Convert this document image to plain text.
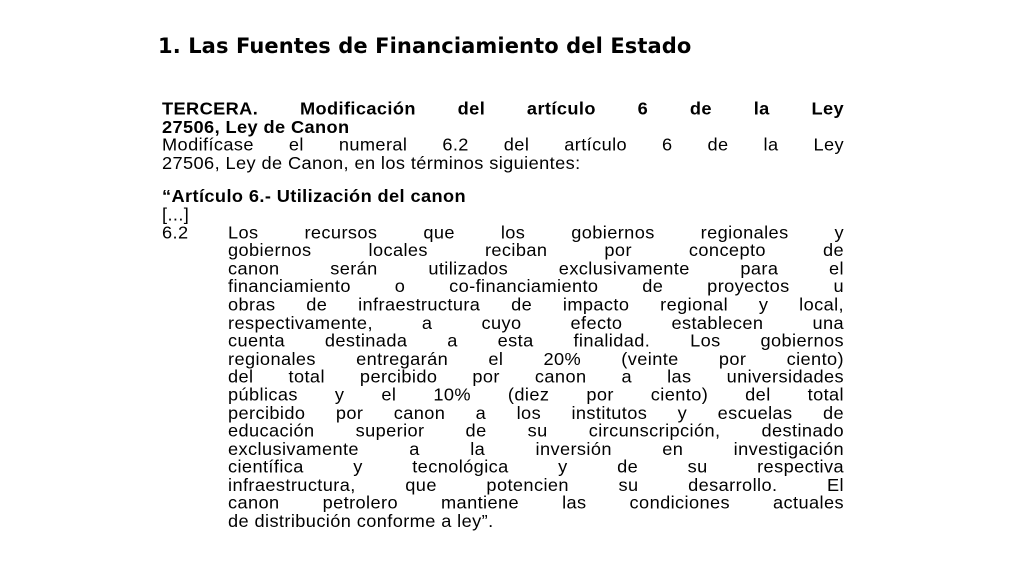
1. Las Fuentes de Financiamiento del Estado
TERCERA. Modificación del artículo 6 de la Ley
27506, Ley de Canon
Modifícase el numeral 6.2 del artículo 6 de la Ley
27506, Ley de Canon, en los términos siguientes:
“Artículo 6.- Utilización del canon
[...]
6.2	Los recursos que los gobiernos regionales y
gobiernos locales reciban por concepto de
canon serán utilizados exclusivamente para el
financiamiento o co-financiamiento de proyectos u
obras de infraestructura de impacto regional y local,
respectivamente, a cuyo efecto establecen una
cuenta destinada a esta finalidad. Los gobiernos
regionales entregarán el 20% (veinte por ciento)
del total percibido por canon a las universidades
públicas y el 10% (diez por ciento) del total
percibido por canon a los institutos y escuelas de
educación superior de su circunscripción, destinado
exclusivamente a la inversión en investigación
científica y tecnológica y de su respectiva
infraestructura, que potencien su desarrollo. El
canon petrolero mantiene las condiciones actuales
de distribución conforme a ley”.
